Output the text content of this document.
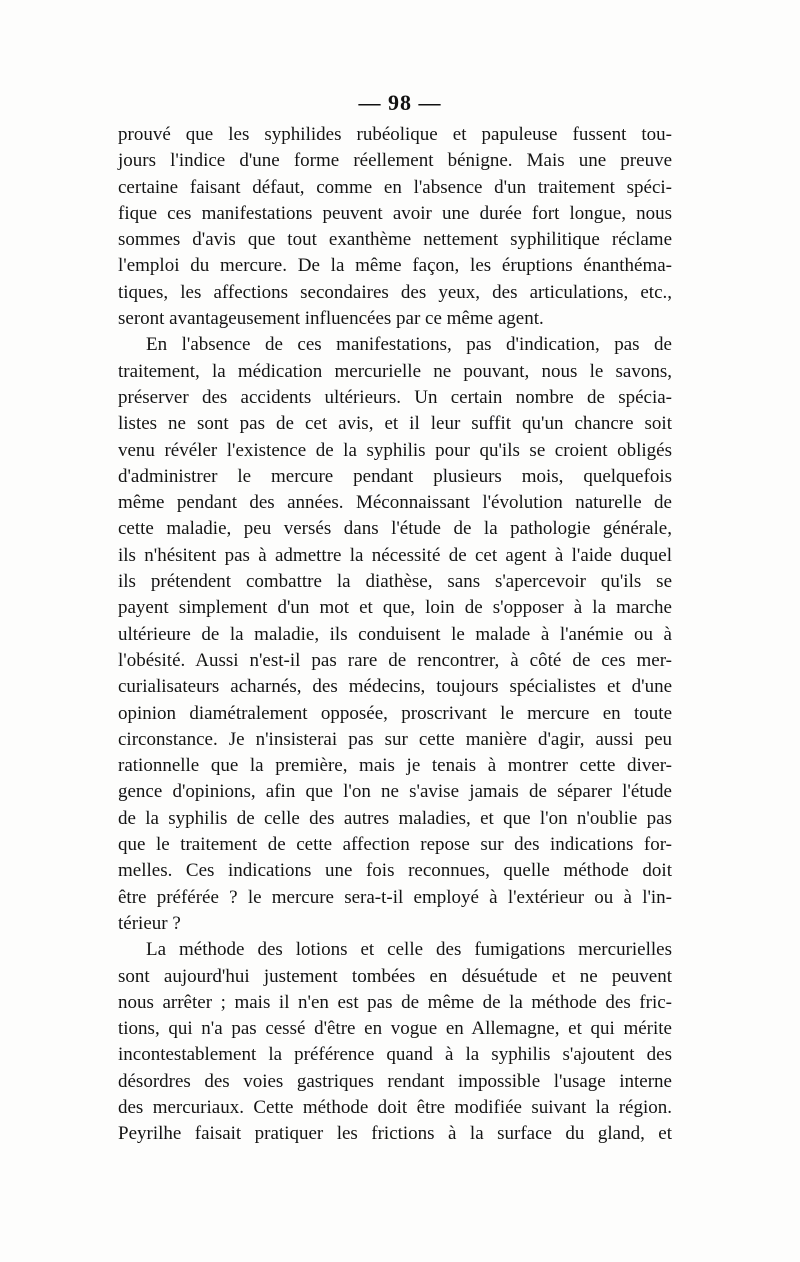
— 98 —
prouvé que les syphilides rubéolique et papuleuse fussent tou-
jours l'indice d'une forme réellement bénigne. Mais une preuve
certaine faisant défaut, comme en l'absence d'un traitement spéci-
fique ces manifestations peuvent avoir une durée fort longue, nous
sommes d'avis que tout exanthème nettement syphilitique réclame
l'emploi du mercure. De la même façon, les éruptions énanthéma-
tiques, les affections secondaires des yeux, des articulations, etc.,
seront avantageusement influencées par ce même agent.
En l'absence de ces manifestations, pas d'indication, pas de
traitement, la médication mercurielle ne pouvant, nous le savons,
préserver des accidents ultérieurs. Un certain nombre de spécia-
listes ne sont pas de cet avis, et il leur suffit qu'un chancre soit
venu révéler l'existence de la syphilis pour qu'ils se croient obligés
d'administrer le mercure pendant plusieurs mois, quelquefois
même pendant des années. Méconnaissant l'évolution naturelle de
cette maladie, peu versés dans l'étude de la pathologie générale,
ils n'hésitent pas à admettre la nécessité de cet agent à l'aide duquel
ils prétendent combattre la diathèse, sans s'apercevoir qu'ils se
payent simplement d'un mot et que, loin de s'opposer à la marche
ultérieure de la maladie, ils conduisent le malade à l'anémie ou à
l'obésité. Aussi n'est-il pas rare de rencontrer, à côté de ces mer-
curialisateurs acharnés, des médecins, toujours spécialistes et d'une
opinion diamétralement opposée, proscrivant le mercure en toute
circonstance. Je n'insisterai pas sur cette manière d'agir, aussi peu
rationnelle que la première, mais je tenais à montrer cette diver-
gence d'opinions, afin que l'on ne s'avise jamais de séparer l'étude
de la syphilis de celle des autres maladies, et que l'on n'oublie pas
que le traitement de cette affection repose sur des indications for-
melles. Ces indications une fois reconnues, quelle méthode doit
être préférée ? le mercure sera-t-il employé à l'extérieur ou à l'in-
térieur ?
La méthode des lotions et celle des fumigations mercurielles
sont aujourd'hui justement tombées en désuétude et ne peuvent
nous arrêter ; mais il n'en est pas de même de la méthode des fric-
tions, qui n'a pas cessé d'être en vogue en Allemagne, et qui mérite
incontestablement la préférence quand à la syphilis s'ajoutent des
désordres des voies gastriques rendant impossible l'usage interne
des mercuriaux. Cette méthode doit être modifiée suivant la région.
Peyrilhe faisait pratiquer les frictions à la surface du gland, et
